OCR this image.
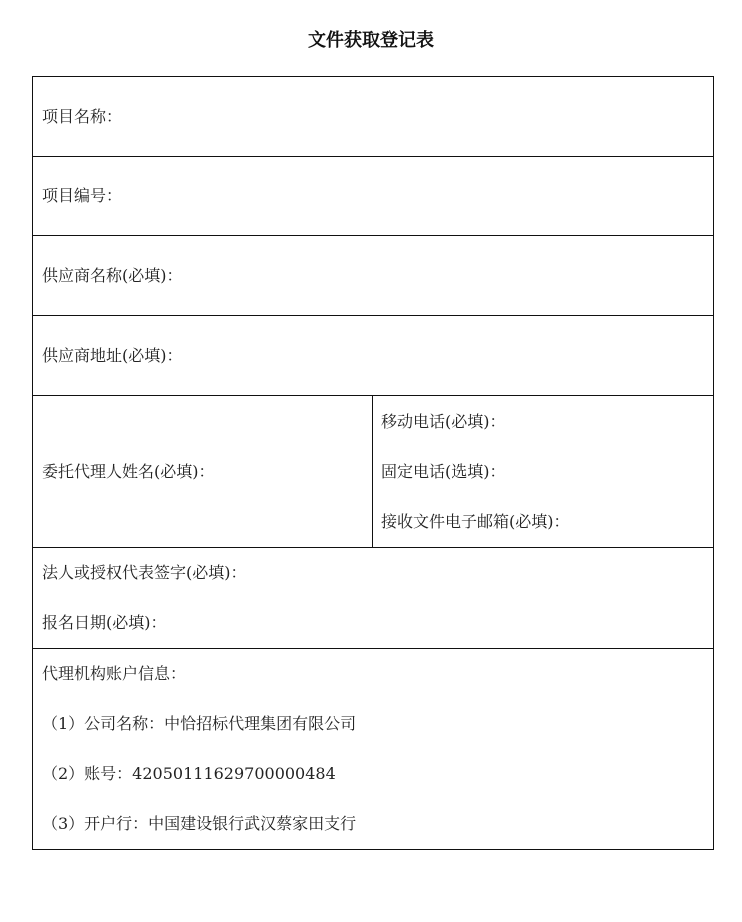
文件获取登记表
项目名称：
项目编号：
供应商名称(必填)：
供应商地址(必填)：
委托代理人姓名(必填)：	
移动电话(必填)：
固定电话(选填)：
接收文件电子邮箱(必填)：

法人或授权代表签字(必填)：
报名日期(必填)：

代理机构账户信息：
（1）公司名称：中恰招标代理集团有限公司
（2）账号：42050111629700000484
（3）开户行：中国建设银行武汉蔡家田支行
